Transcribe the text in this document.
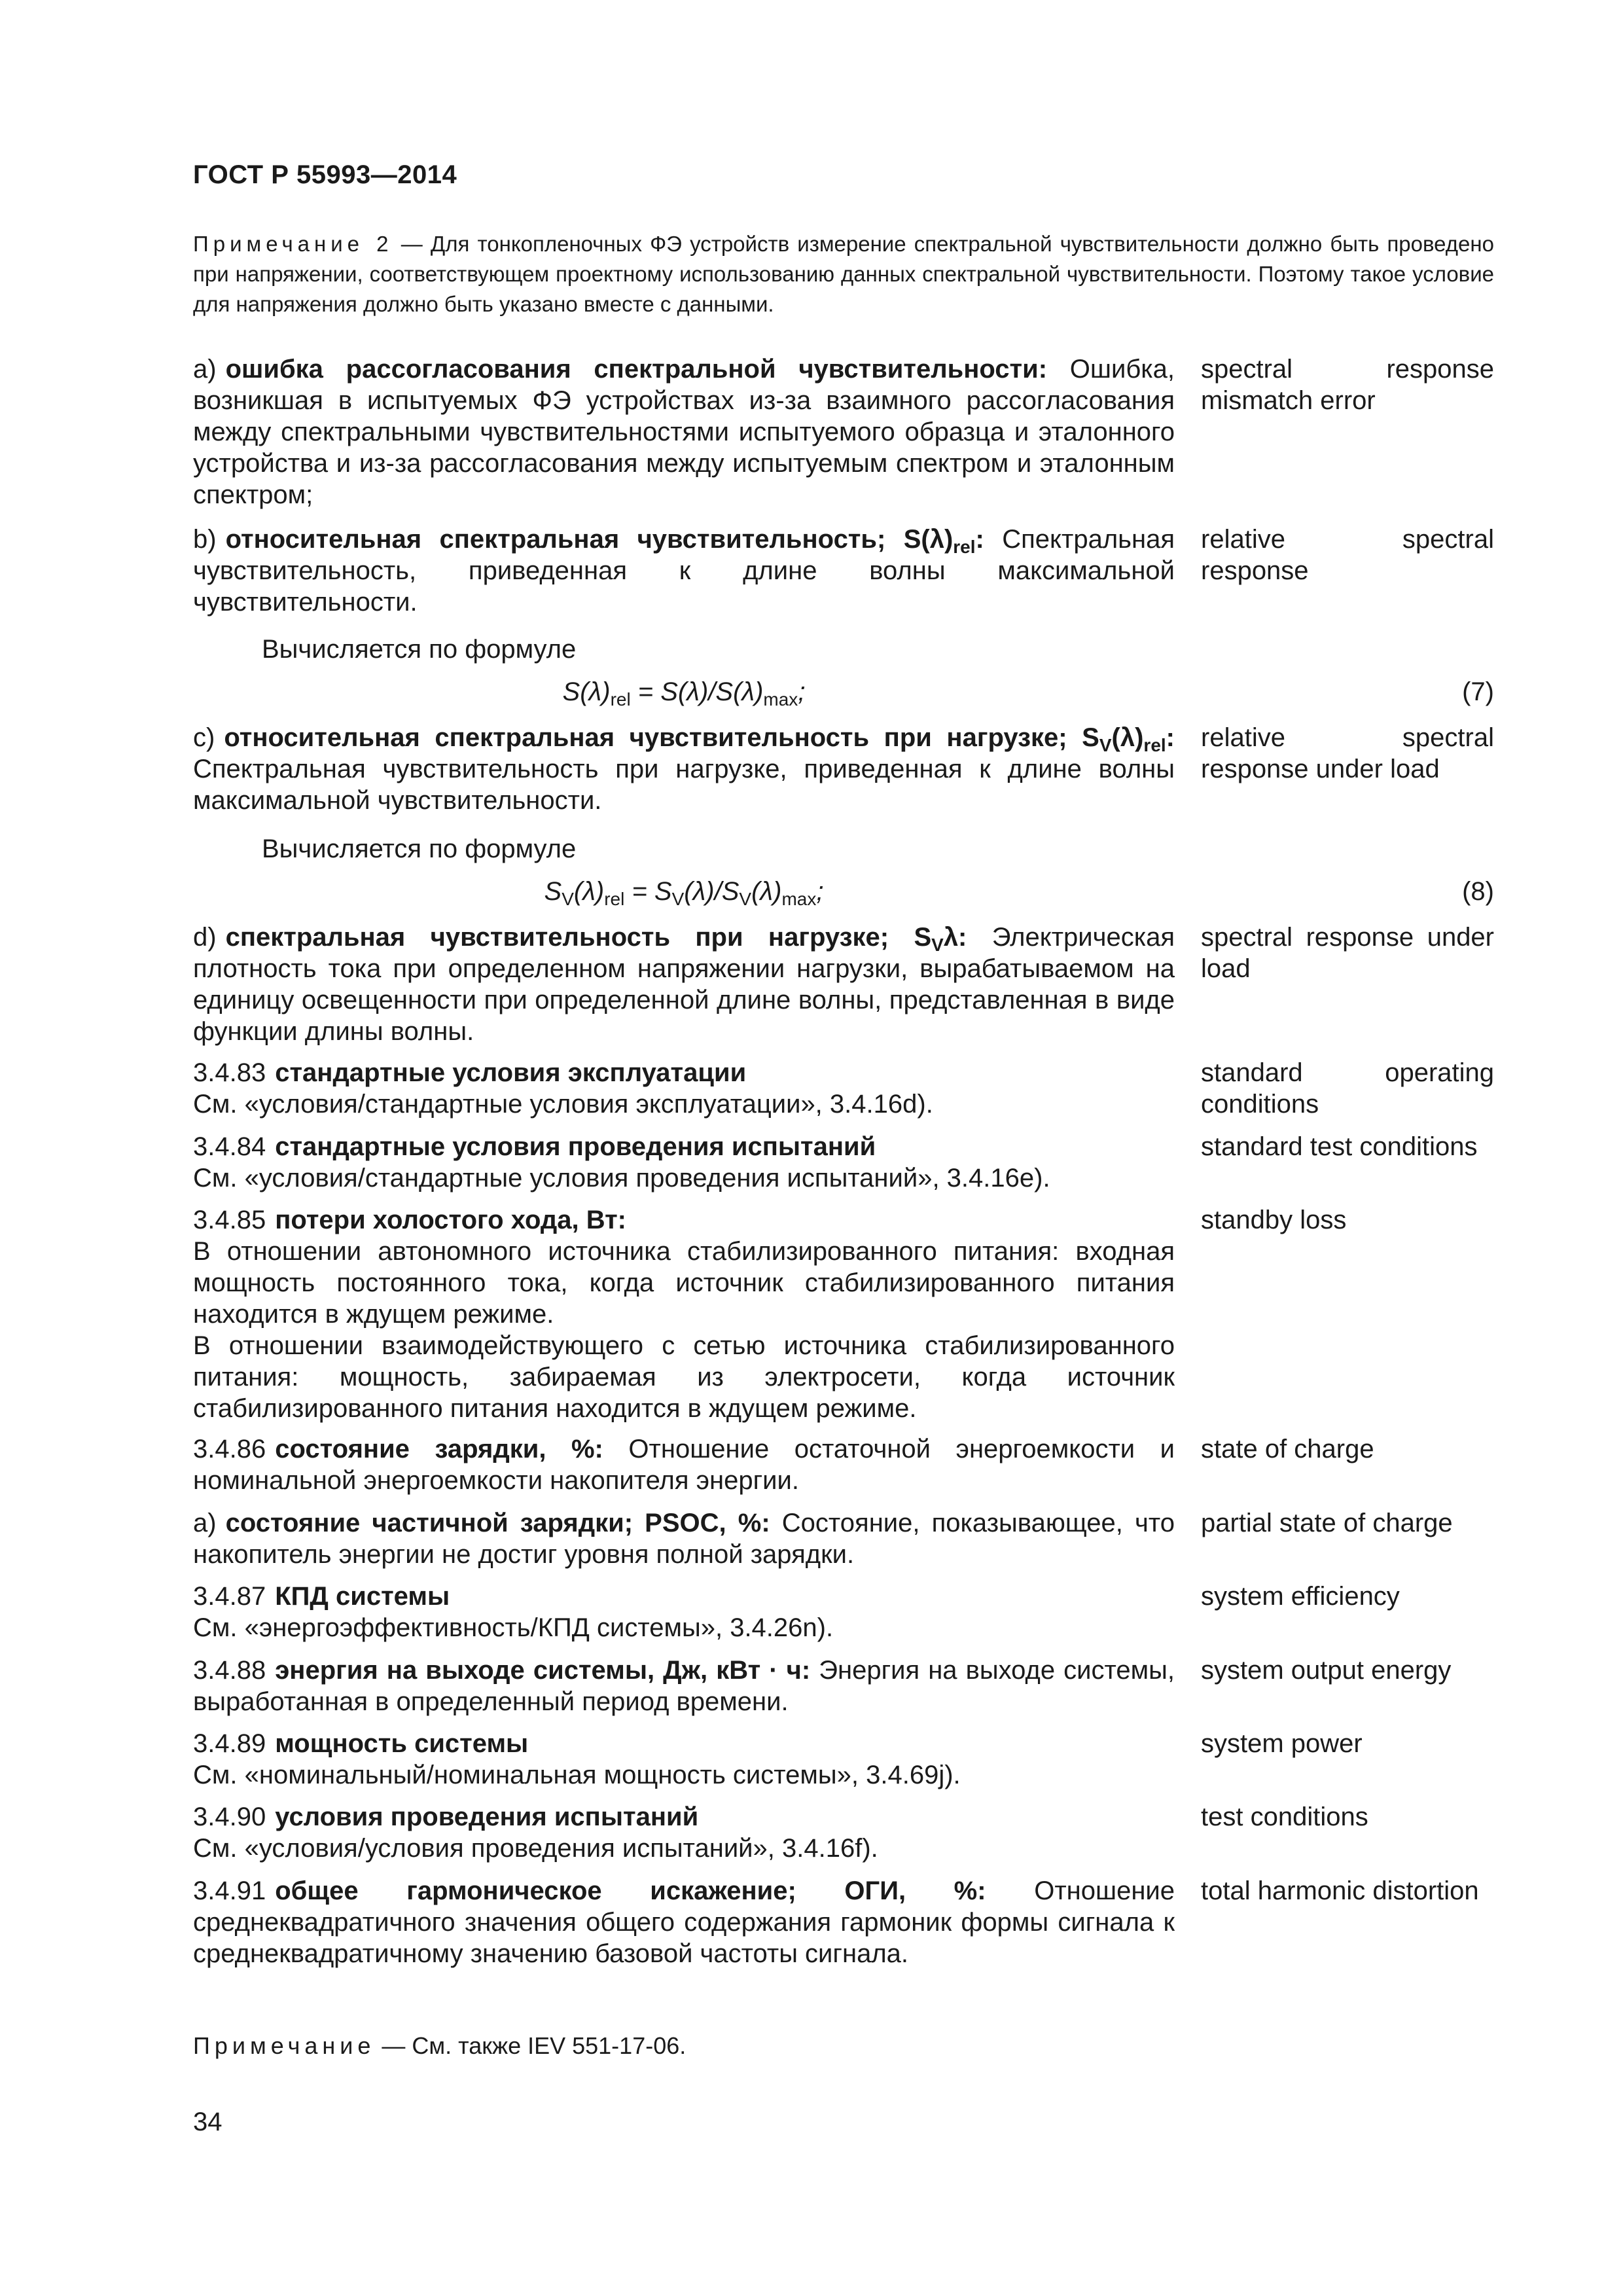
ГОСТ Р 55993—2014
Примечание 2 — Для тонкопленочных ФЭ устройств измерение спектральной чувствительности должно быть проведено при напряжении, соответствующем проектному использованию данных спектральной чувствительности. Поэтому такое условие для напряжения должно быть указано вместе с данными.
a) ошибка рассогласования спектральной чувствительности: Ошибка, возникшая в испытуемых ФЭ устройствах из-за взаимного рассогласования между спектральными чувствительностями испытуемого образца и эталонного устройства и из-за рассогласования между испытуемым спектром и эталонным спектром;
spectral response mismatch error
b) относительная спектральная чувствительность; $S(\lambda)_{rel}$: Спектральная чувствительность, приведенная к длине волны максимальной чувствительности.
relative spectral response
Вычисляется по формуле
$S(\lambda)_{rel} = S(\lambda)/S(\lambda)_{max}$;	(7)
c) относительная спектральная чувствительность при нагрузке; $S_V(\lambda)_{rel}$: Спектральная чувствительность при нагрузке, приведенная к длине волны максимальной чувствительности.
relative spectral response under load
Вычисляется по формуле
$S_V(\lambda)_{rel} = S_V(\lambda)/S_V(\lambda)_{max}$;	(8)
d) спектральная чувствительность при нагрузке; $S_V\lambda$: Электрическая плотность тока при определенном напряжении нагрузки, вырабатываемом на единицу освещенности при определенной длине волны, представленная в виде функции длины волны.
spectral response under load
3.4.83 стандартные условия эксплуатации
См. «условия/стандартные условия эксплуатации», 3.4.16d).
standard operating conditions
3.4.84 стандартные условия проведения испытаний
См. «условия/стандартные условия проведения испытаний», 3.4.16e).
standard test conditions
3.4.85 потери холостого хода, Вт:
В отношении автономного источника стабилизированного питания: входная мощность постоянного тока, когда источник стабилизированного питания находится в ждущем режиме.
В отношении взаимодействующего с сетью источника стабилизированного питания: мощность, забираемая из электросети, когда источник стабилизированного питания находится в ждущем режиме.
standby loss
3.4.86 состояние зарядки, %: Отношение остаточной энергоемкости и номинальной энергоемкости накопителя энергии.
state of charge
a) состояние частичной зарядки; PSOC, %: Состояние, показывающее, что накопитель энергии не достиг уровня полной зарядки.
partial state of charge
3.4.87 КПД системы
См. «энергоэффективность/КПД системы», 3.4.26n).
system efficiency
3.4.88 энергия на выходе системы, Дж, кВт · ч: Энергия на выходе системы, выработанная в определенный период времени.
system output energy
3.4.89 мощность системы
См. «номинальный/номинальная мощность системы», 3.4.69j).
system power
3.4.90 условия проведения испытаний
См. «условия/условия проведения испытаний», 3.4.16f).
test conditions
3.4.91 общее гармоническое искажение; ОГИ, %: Отношение среднеквадратичного значения общего содержания гармоник формы сигнала к среднеквадратичному значению базовой частоты сигнала.
total harmonic distortion
Примечание — См. также IEV 551-17-06.
34
